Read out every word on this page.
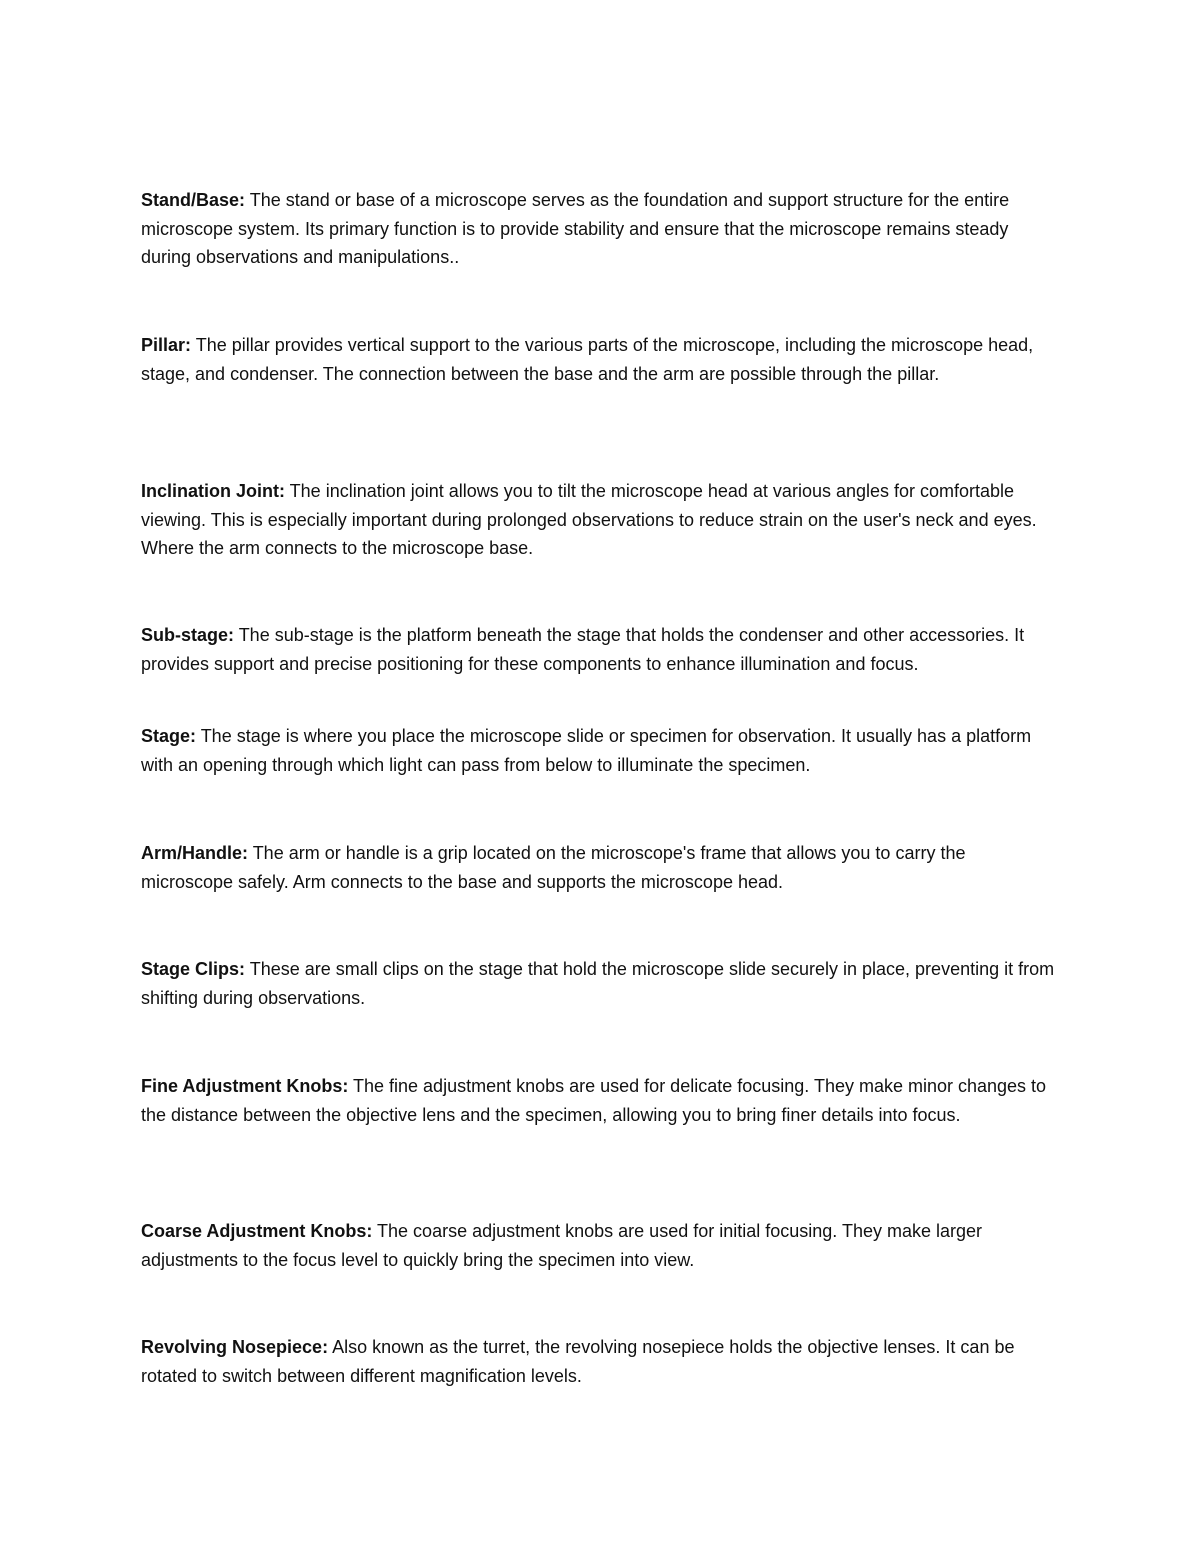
Stand/Base: The stand or base of a microscope serves as the foundation and support structure for the entire microscope system. Its primary function is to provide stability and ensure that the microscope remains steady during observations and manipulations..

Pillar: The pillar provides vertical support to the various parts of the microscope, including the microscope head, stage, and condenser. The connection between the base and the arm are possible through the pillar.

Inclination Joint: The inclination joint allows you to tilt the microscope head at various angles for comfortable viewing. This is especially important during prolonged observations to reduce strain on the user's neck and eyes. Where the arm connects to the microscope base.

Sub-stage: The sub-stage is the platform beneath the stage that holds the condenser and other accessories. It provides support and precise positioning for these components to enhance illumination and focus.

Stage: The stage is where you place the microscope slide or specimen for observation. It usually has a platform with an opening through which light can pass from below to illuminate the specimen.

Arm/Handle: The arm or handle is a grip located on the microscope's frame that allows you to carry the microscope safely. Arm connects to the base and supports the microscope head.

Stage Clips: These are small clips on the stage that hold the microscope slide securely in place, preventing it from shifting during observations.

Fine Adjustment Knobs: The fine adjustment knobs are used for delicate focusing. They make minor changes to the distance between the objective lens and the specimen, allowing you to bring finer details into focus.

Coarse Adjustment Knobs: The coarse adjustment knobs are used for initial focusing. They make larger adjustments to the focus level to quickly bring the specimen into view.

Revolving Nosepiece: Also known as the turret, the revolving nosepiece holds the objective lenses. It can be rotated to switch between different magnification levels.
